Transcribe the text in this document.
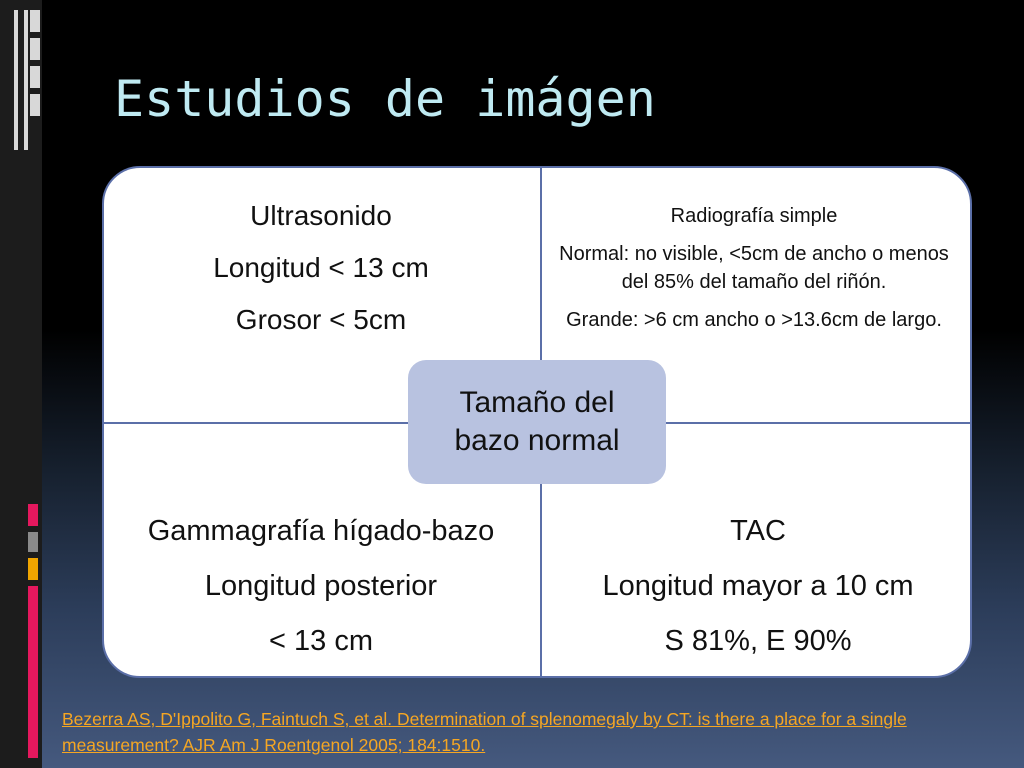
Estudios de imágen
Ultrasonido
Longitud < 13 cm
Grosor < 5cm
Radiografía simple
Normal: no visible, <5cm de ancho o menos del 85% del tamaño del riñón.
Grande: >6 cm ancho o >13.6cm de largo.
Gammagrafía hígado-bazo
Longitud posterior
< 13 cm
TAC
Longitud mayor a 10 cm
S 81%, E 90%
Tamaño del
bazo normal
Bezerra AS, D'Ippolito G, Faintuch S, et al. Determination of splenomegaly by CT: is there a place for a single measurement? AJR Am J Roentgenol 2005; 184:1510.
